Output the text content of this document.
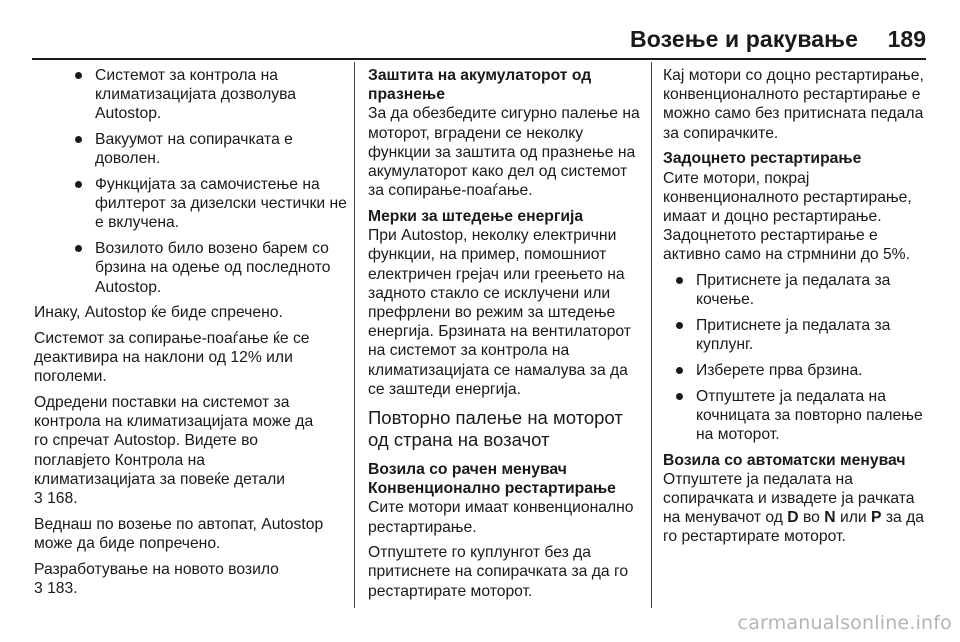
Возење и ракување 189
Системот за контрола на климатизацијата дозволува Autostop.
Вакуумот на сопирачката е доволен.
Функцијата за самочистење на филтерот за дизелски честички не е вклучена.
Возилото било возено барем со брзина на одење од последното Autostop.

Инаку, Autostop ќе биде спречено.

Системот за сопирање-поаѓање ќе се деактивира на наклони од 12% или поголеми.

Одредени поставки на системот за контрола на климатизацијата може да го спречат Autostop. Видете во поглавјето Контрола на климатизацијата за повеќе детали
3 168.

Веднаш по возење по автопат, Autostop може да биде попречено.

Разработување на новото возило
3 183.

Заштита на акумулаторот од празнење

За да обезбедите сигурно палење на моторот, вградени се неколку функции за заштита од празнење на акумулаторот како дел од системот за сопирање-поаѓање.

Мерки за штедење енергија

При Autostop, неколку електрични функции, на пример, помошниот електричен грејач или греењето на задното стакло се исклучени или префрлени во режим за штедење енергија. Брзината на вентилаторот на системот за контрола на климатизацијата се намалува за да се заштеди енергија.

Повторно палење на моторот од страна на возачот

Возила со рачен менувач

Конвенционално рестартирање

Сите мотори имаат конвенционално рестартирање.

Отпуштете го куплунгот без да притиснете на сопирачката за да го рестартирате моторот.

Кај мотори со доцно рестартирање, конвенционалното рестартирање е можно само без притисната педала за сопирачките.

Задоцнето рестартирање

Сите мотори, покрај конвенционалното рестартирање, имаат и доцно рестартирање. Задоцнетото рестартирање е активно само на стрмнини до 5%.

Притиснете ја педалата за кочење.
Притиснете ја педалата за куплунг.
Изберете прва брзина.
Отпуштете ја педалата на кочницата за повторно палење на моторот.

Возила со автоматски менувач

Отпуштете ја педалата на сопирачката и извадете ја рачката на менувачот од D во N или P за да го рестартирате моторот.

carmanualsonline.info
